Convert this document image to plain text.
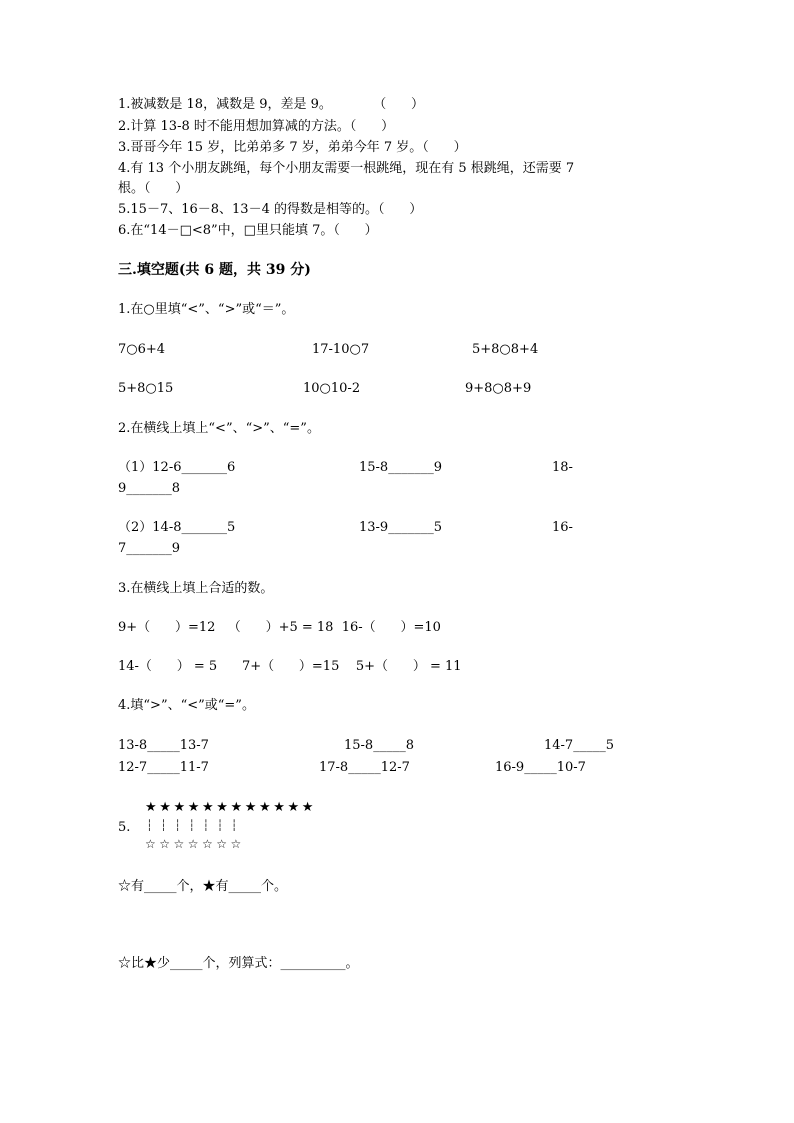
1.被减数是 18，减数是 9，差是 9。          （      ）
2.计算 13-8 时不能用想加算减的方法。（      ）
3.哥哥今年 15 岁，比弟弟多 7 岁，弟弟今年 7 岁。（      ）
4.有 13 个小朋友跳绳，每个小朋友需要一根跳绳，现在有 5 根跳绳，还需要 7
根。（      ）
5.15－7、16－8、13－4 的得数是相等的。（      ）
6.在“14－□<8”中，□里只能填 7。（      ）
三.填空题(共 6 题，共 39 分)
1.在○里填“<”、“>”或“＝”。
7○6+4	17-10○7	5+8○8+4
5+8○15	10○10-2	9+8○8+9
2.在横线上填上“<”、“>”、“=”。
（1）12-6_______6	15-8_______9	18-
9_______8
（2）14-8_______5	13-9_______5	16-
7_______9
3.在横线上填上合适的数。
9+（      ）=12   （      ）+5 = 18  16-（      ）=10
14-（      ） = 5      7+（      ）=15    5+（      ） = 11
4.填“>”、“<”或“=”。
13-8_____13-7	15-8_____8	14-7_____5
12-7_____11-7	17-8_____12-7	16-9_____10-7
★★★★★★★★★★★★
5. ┆┆┆┆┆┆┆
☆☆☆☆☆☆☆
☆有_____个，★有_____个。
☆比★少_____个，列算式：__________。
